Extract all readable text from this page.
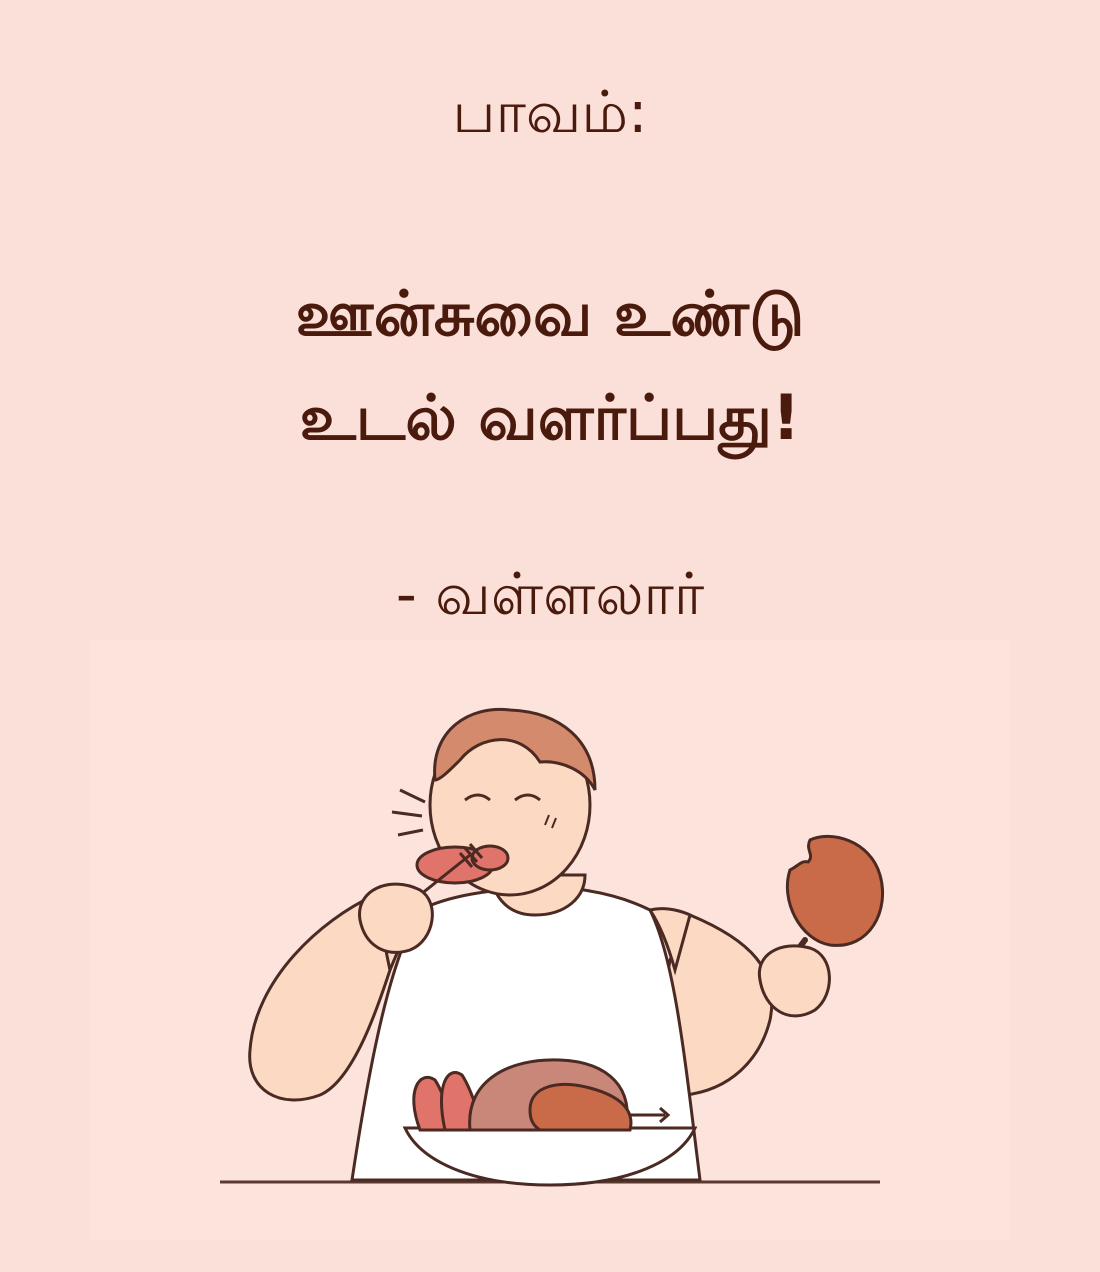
பாவம்:
ஊன்சுவை உண்டு
உடல் வளர்ப்பது!
- வள்ளலார்
